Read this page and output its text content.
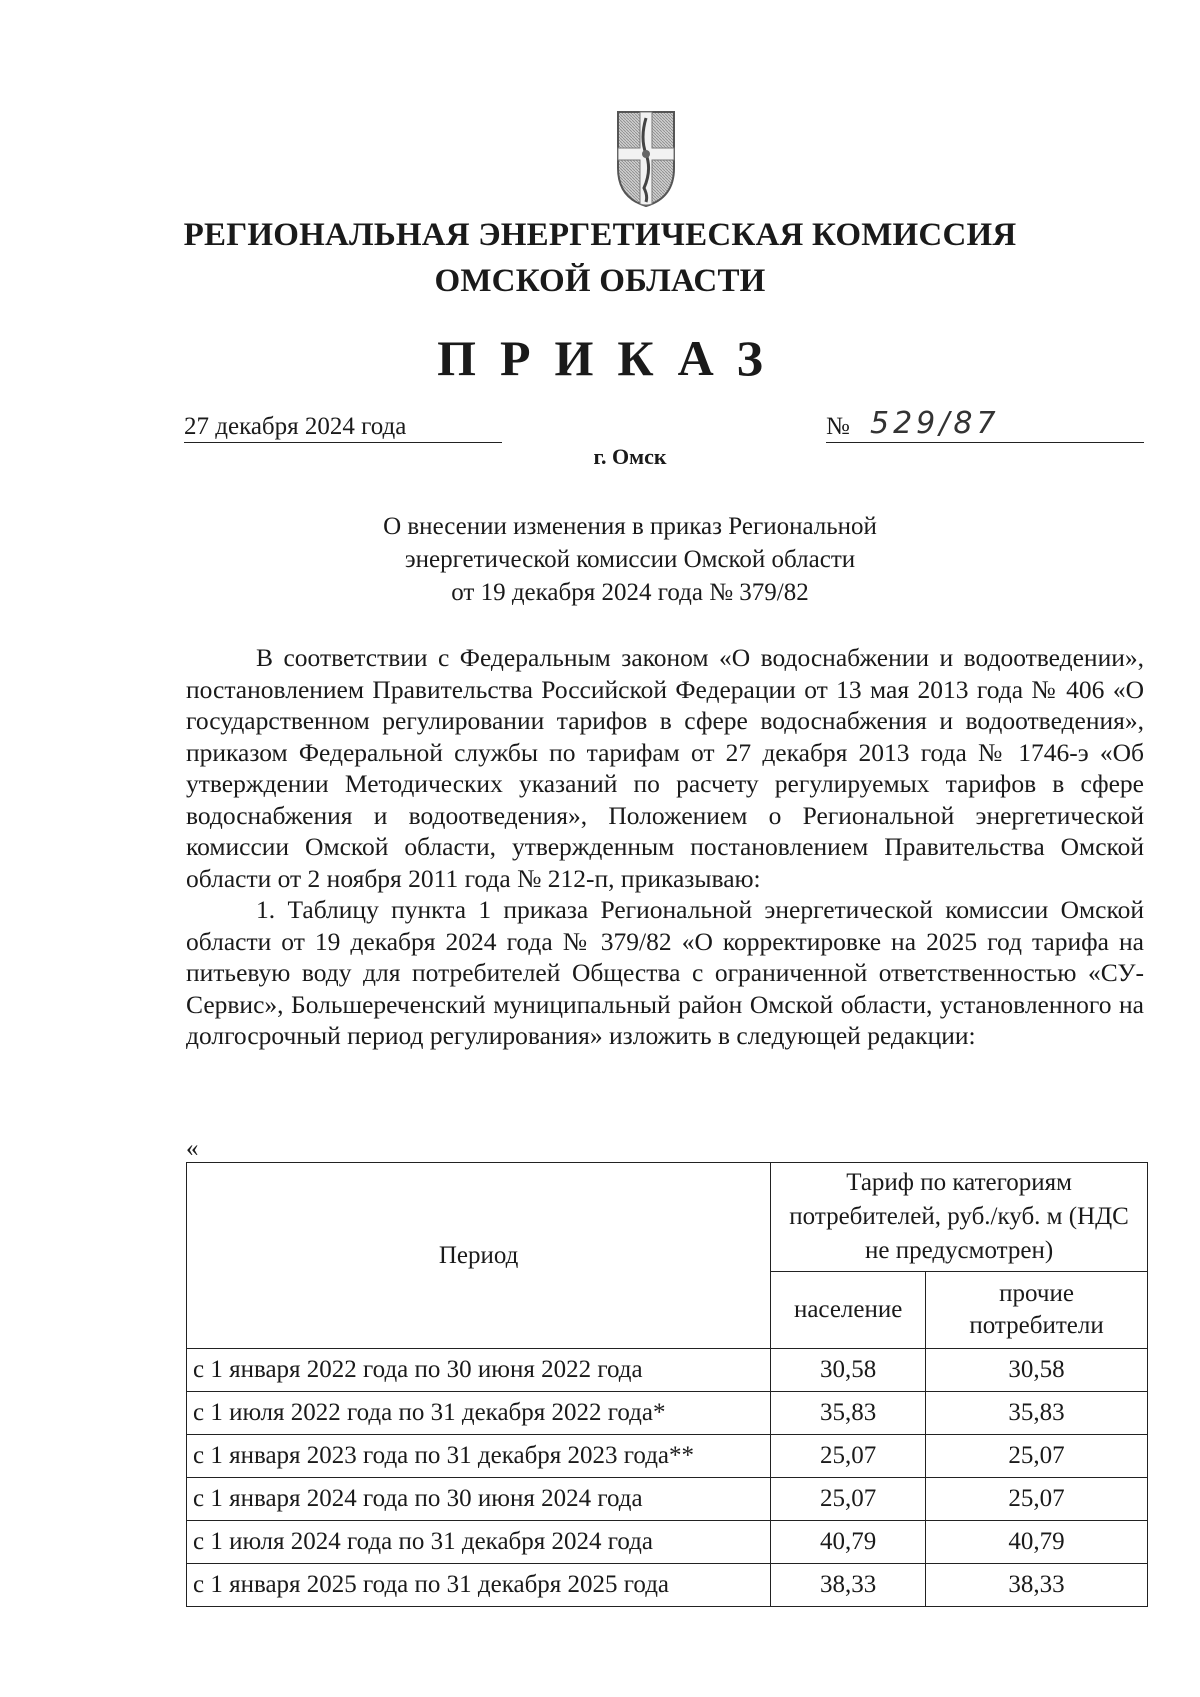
РЕГИОНАЛЬНАЯ ЭНЕРГЕТИЧЕСКАЯ КОМИССИЯ
ОМСКОЙ ОБЛАСТИ
ПРИКАЗ
27 декабря 2024 года	№ 529/87
г. Омск
О внесении изменения в приказ Региональной
энергетической комиссии Омской области
от 19 декабря 2024 года № 379/82

В соответствии с Федеральным законом «О водоснабжении и водоотведении», постановлением Правительства Российской Федерации от 13 мая 2013 года № 406 «О государственном регулировании тарифов в сфере водоснабжения и водоотведения», приказом Федеральной службы по тарифам от 27 декабря 2013 года № 1746-э «Об утверждении Методических указаний по расчету регулируемых тарифов в сфере водоснабжения и водоотведения», Положением о Региональной энергетической комиссии Омской области, утвержденным постановлением Правительства Омской области от 2 ноября 2011 года № 212-п, приказываю:

1. Таблицу пункта 1 приказа Региональной энергетической комиссии Омской области от 19 декабря 2024 года № 379/82 «О корректировке на 2025 год тарифа на питьевую воду для потребителей Общества с ограниченной ответственностью «СУ-Сервис», Большереченский муниципальный район Омской области, установленного на долгосрочный период регулирования» изложить в следующей редакции:

«
Период	Тариф по категориям потребителей, руб./куб. м (НДС не предусмотрен)	
	население	прочие потребители
с 1 января 2022 года по 30 июня 2022 года	30,58	30,58
с 1 июля 2022 года по 31 декабря 2022 года*	35,83	35,83
с 1 января 2023 года по 31 декабря 2023 года**	25,07	25,07
с 1 января 2024 года по 30 июня 2024 года	25,07	25,07
с 1 июля 2024 года по 31 декабря 2024 года	40,79	40,79
с 1 января 2025 года по 31 декабря 2025 года	38,33	38,33
